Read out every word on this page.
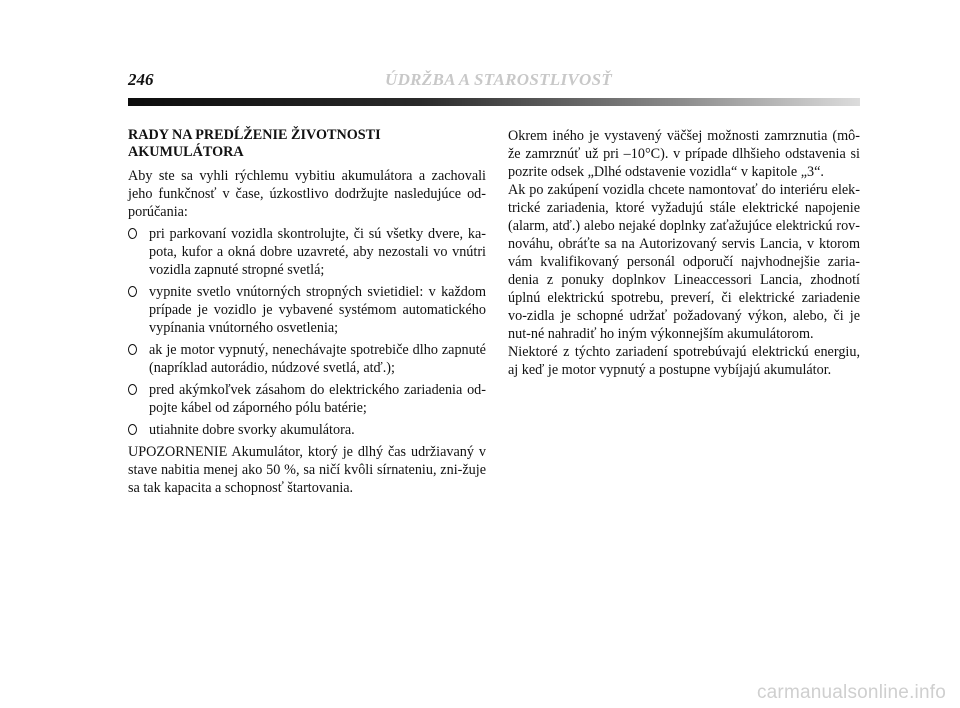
246	ÚDRŽBA A STAROSTLIVOSŤ
RADY NA PREDĹŽENIE ŽIVOTNOSTI AKUMULÁTORA

Aby ste sa vyhli rýchlemu vybitiu akumulátora a zachovali jeho funkčnosť v čase, úzkostlivo dodržujte nasledujúce od-porúčania:

pri parkovaní vozidla skontrolujte, či sú všetky dvere, ka-pota, kufor a okná dobre uzavreté, aby nezostali vo vnútri vozidla zapnuté stropné svetlá;
vypnite svetlo vnútorných stropných svietidiel: v každom prípade je vozidlo je vybavené systémom automatického vypínania vnútorného osvetlenia;
ak je motor vypnutý, nenechávajte spotrebiče dlho zapnuté (napríklad autorádio, núdzové svetlá, atď.);
pred akýmkoľvek zásahom do elektrického zariadenia od-pojte kábel od záporného pólu batérie;
utiahnite dobre svorky akumulátora.

UPOZORNENIE Akumulátor, ktorý je dlhý čas udržiavaný v stave nabitia menej ako 50 %, sa ničí kvôli sírnateniu, zni-žuje sa tak kapacita a schopnosť štartovania.

Okrem iného je vystavený väčšej možnosti zamrznutia (mô-že zamrznúť už pri –10°C). v prípade dlhšieho odstavenia si pozrite odsek „Dlhé odstavenie vozidla“ v kapitole „3“.

Ak po zakúpení vozidla chcete namontovať do interiéru elek-trické zariadenia, ktoré vyžadujú stále elektrické napojenie (alarm, atď.) alebo nejaké doplnky zaťažujúce elektrickú rov-nováhu, obráťte sa na Autorizovaný servis Lancia, v ktorom vám kvalifikovaný personál odporučí najvhodnejšie zaria-denia z ponuky doplnkov Lineaccessori Lancia, zhodnotí úplnú elektrickú spotrebu, preverí, či elektrické zariadenie vo-zidla je schopné udržať požadovaný výkon, alebo, či je nut-né nahradiť ho iným výkonnejším akumulátorom.

Niektoré z týchto zariadení spotrebúvajú elektrickú energiu, aj keď je motor vypnutý a postupne vybíjajú akumulátor.

carmanualsonline.info
